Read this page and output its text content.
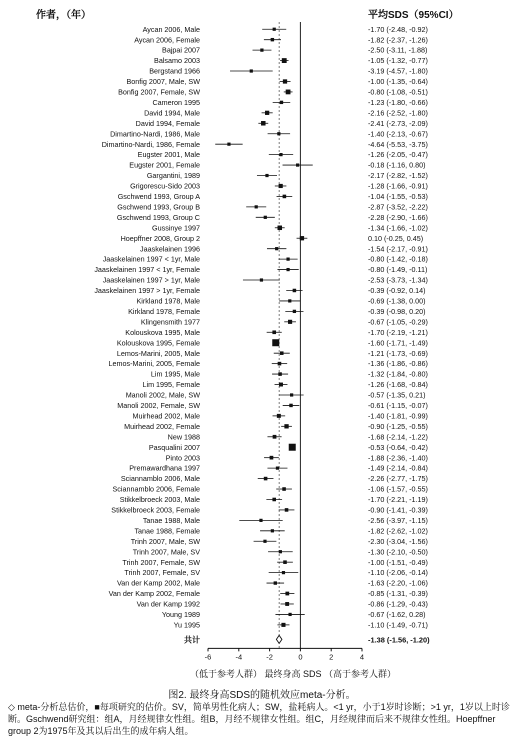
Aycan 2006, Male	-1.70 (-2.48, -0.92)
Aycan 2006, Female	-1.82 (-2.37, -1.26)
Bajpai 2007	-2.50 (-3.11, -1.88)
Balsamo 2003	-1.05 (-1.32, -0.77)
Bergstand 1966	-3.19 (-4.57, -1.80)
Bonfig 2007, Male, SW	-1.00 (-1.35, -0.64)
Bonfig 2007, Female, SW	-0.80 (-1.08, -0.51)
Cameron 1995	-1.23 (-1.80, -0.66)
David 1994, Male	-2.16 (-2.52, -1.80)
David 1994, Female	-2.41 (-2.73, -2.09)
Dimartino-Nardi, 1986, Male	-1.40 (-2.13, -0.67)
Dimartino-Nardi, 1986, Female	-4.64 (-5.53, -3.75)
Eugster 2001, Male	-1.26 (-2.05, -0.47)
Eugster 2001, Female	-0.18 (-1.16, 0.80)
Gargantini, 1989	-2.17 (-2.82, -1.52)
Grigorescu-Sido 2003	-1.28 (-1.66, -0.91)
Gschwend 1993, Group A	-1.04 (-1.55, -0.53)
Gschwend 1993, Group B	-2.87 (-3.52, -2.22)
Gschwend 1993, Group C	-2.28 (-2.90, -1.66)
Gussinye 1997	-1.34 (-1.66, -1.02)
Hoepffner 2008, Group 2	0.10 (-0.25, 0.45)
Jaaskelainen 1996	-1.54 (-2.17, -0.91)
Jaaskelainen 1997 < 1yr, Male	-0.80 (-1.42, -0.18)
Jaaskelainen 1997 < 1yr, Female	-0.80 (-1.49, -0.11)
Jaaskelainen 1997 > 1yr, Male	-2.53 (-3.73, -1.34)
Jaaskelainen 1997 > 1yr, Female	-0.39 (-0.92, 0.14)
Kirkland 1978, Male	-0.69 (-1.38, 0.00)
Kirkland 1978, Female	-0.39 (-0.98, 0.20)
Klingensmith 1977	-0.67 (-1.05, -0.29)
Kolouskova 1995, Male	-1.70 (-2.19, -1.21)
Kolouskova 1995, Female	-1.60 (-1.71, -1.49)
Lemos-Marini, 2005, Male	-1.21 (-1.73, -0.69)
Lemos-Marini, 2005, Female	-1.36 (-1.86, -0.86)
Lim 1995, Male	-1.32 (-1.84, -0.80)
Lim 1995, Female	-1.26 (-1.68, -0.84)
Manoli 2002, Male, SW	-0.57 (-1.35, 0.21)
Manoli 2002, Female, SW	-0.61 (-1.15, -0.07)
Muirhead 2002, Male	-1.40 (-1.81, -0.99)
Muirhead 2002, Female	-0.90 (-1.25, -0.55)
New 1988	-1.68 (-2.14, -1.22)
Pasqualini 2007	-0.53 (-0.64, -0.42)
Pinto 2003	-1.88 (-2.36, -1.40)
Premawardhana 1997	-1.49 (-2.14, -0.84)
Sciannamblo 2006, Male	-2.26 (-2.77, -1.75)
Sciannamblo 2006, Female	-1.06 (-1.57, -0.55)
Stikkelbroeck 2003, Male	-1.70 (-2.21, -1.19)
Stikkelbroeck 2003, Female	-0.90 (-1.41, -0.39)
Tanae 1988, Male	-2.56 (-3.97, -1.15)
Tanae 1988, Female	-1.82 (-2.62, -1.02)
Trinh 2007, Male, SW	-2.30 (-3.04, -1.56)
Trinh 2007, Male, SV	-1.30 (-2.10, -0.50)
Trinh 2007, Female, SW	-1.00 (-1.51, -0.49)
Trinh 2007, Female, SV	-1.10 (-2.06, -0.14)
Van der Kamp 2002, Male	-1.63 (-2.20, -1.06)
Van der Kamp 2002, Female	-0.85 (-1.31, -0.39)
Van der Kamp 1992	-0.86 (-1.29, -0.43)
Young 1989	-0.67 (-1.62, 0.28)
Yu 1995	-1.10 (-1.49, -0.71)
共计	-1.38 (-1.56, -1.20)
-6	-4	-2	0	2	4
作者，（年）	平均SDS（95%CI）
（低于参考人群） 最终身高 SDS （高于参考人群）
图2. 最终身高SDS的随机效应meta-分析。
◇ meta-分析总估价，■每项研究的估价。SV，简单男性化病人；SW，盐耗病人。<1 yr，小于1岁时诊断；>1 yr，1岁以上时诊断。Gschwend研究组：组A，月经规律女性组。组B，月经不规律女性组。组C，月经规律而后来不规律女性组。Hoepffner group 2为1975年及其以后出生的成年病人组。
